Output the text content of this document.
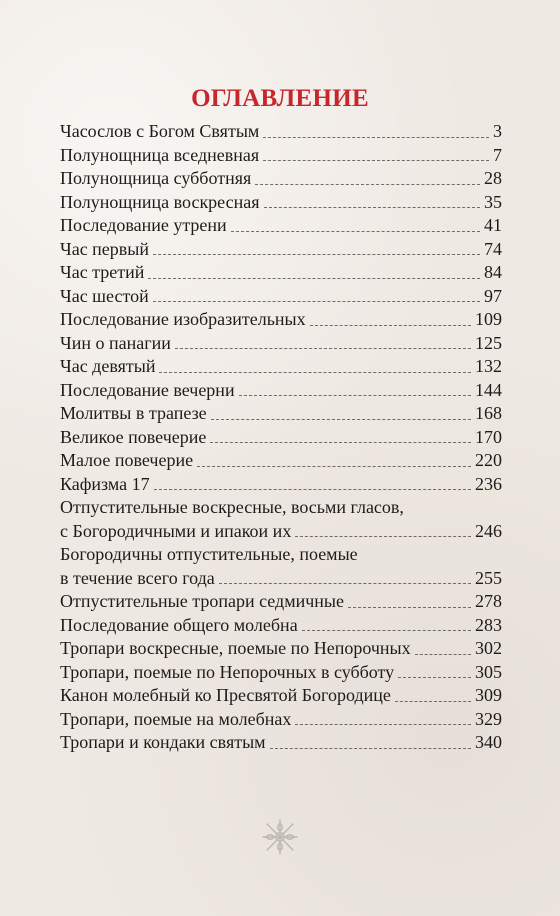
ОГЛАВЛЕНИЕ
Часослов с Богом Святым	3
Полунощница вседневная	7
Полунощница субботняя	28
Полунощница воскресная	35
Последование утрени	41
Час первый	74
Час третий	84
Час шестой	97
Последование изобразительных	109
Чин о панагии	125
Час девятый	132
Последование вечерни	144
Молитвы в трапезе	168
Великое повечерие	170
Малое повечерие	220
Кафизма 17	236
Отпустительные воскресные, восьми гласов,
с Богородичными и ипакои их	246
Богородичны отпустительные, поемые
в течение всего года	255
Отпустительные тропари седмичные	278
Последование общего молебна	283
Тропари воскресные, поемые по Непорочных	302
Тропари, поемые по Непорочных в субботу	305
Канон молебный ко Пресвятой Богородице	309
Тропари, поемые на молебнах	329
Тропари и кондаки святым	340
